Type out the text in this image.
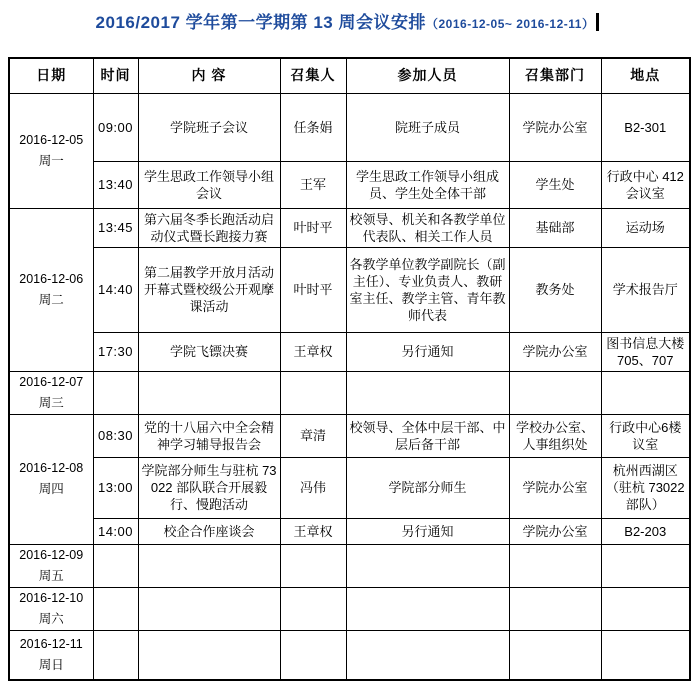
2016/2017 学年第一学期第 13 周会议安排（2016-12-05~ 2016-12-11）
日期	时间	内 容	召集人	参加人员	召集部门	地点

2016-12-05
周一	09:00	学院班子会议	任条娟	院班子成员	学院办公室	B2-301
	13:40	学生思政工作领导小组会议	王军	学生思政工作领导小组成员、学生处全体干部	学生处	行政中心 412 会议室

2016-12-06
周二	13:45	第六届冬季长跑活动启动仪式暨长跑接力赛	叶时平	校领导、机关和各教学单位代表队、相关工作人员	基础部	运动场
	14:40	第二届教学开放月活动开幕式暨校级公开观摩课活动	叶时平	各教学单位教学副院长（副主任）、专业负责人、教研室主任、教学主管、青年教师代表	教务处	学术报告厅
	17:30	学院飞镖决赛	王章权	另行通知	学院办公室	图书信息大楼 705、707

2016-12-07
周三						

2016-12-08
周四	08:30	党的十八届六中全会精神学习辅导报告会	章清	校领导、全体中层干部、中层后备干部	学校办公室、人事组织处	行政中心6楼议室
	13:00	学院部分师生与驻杭 73022 部队联合开展毅行、慢跑活动	冯伟	学院部分师生	学院办公室	杭州西湖区（驻杭 73022 部队）
	14:00	校企合作座谈会	王章权	另行通知	学院办公室	B2-203

2016-12-09
周五						

2016-12-10
周六						

2016-12-11
周日						
